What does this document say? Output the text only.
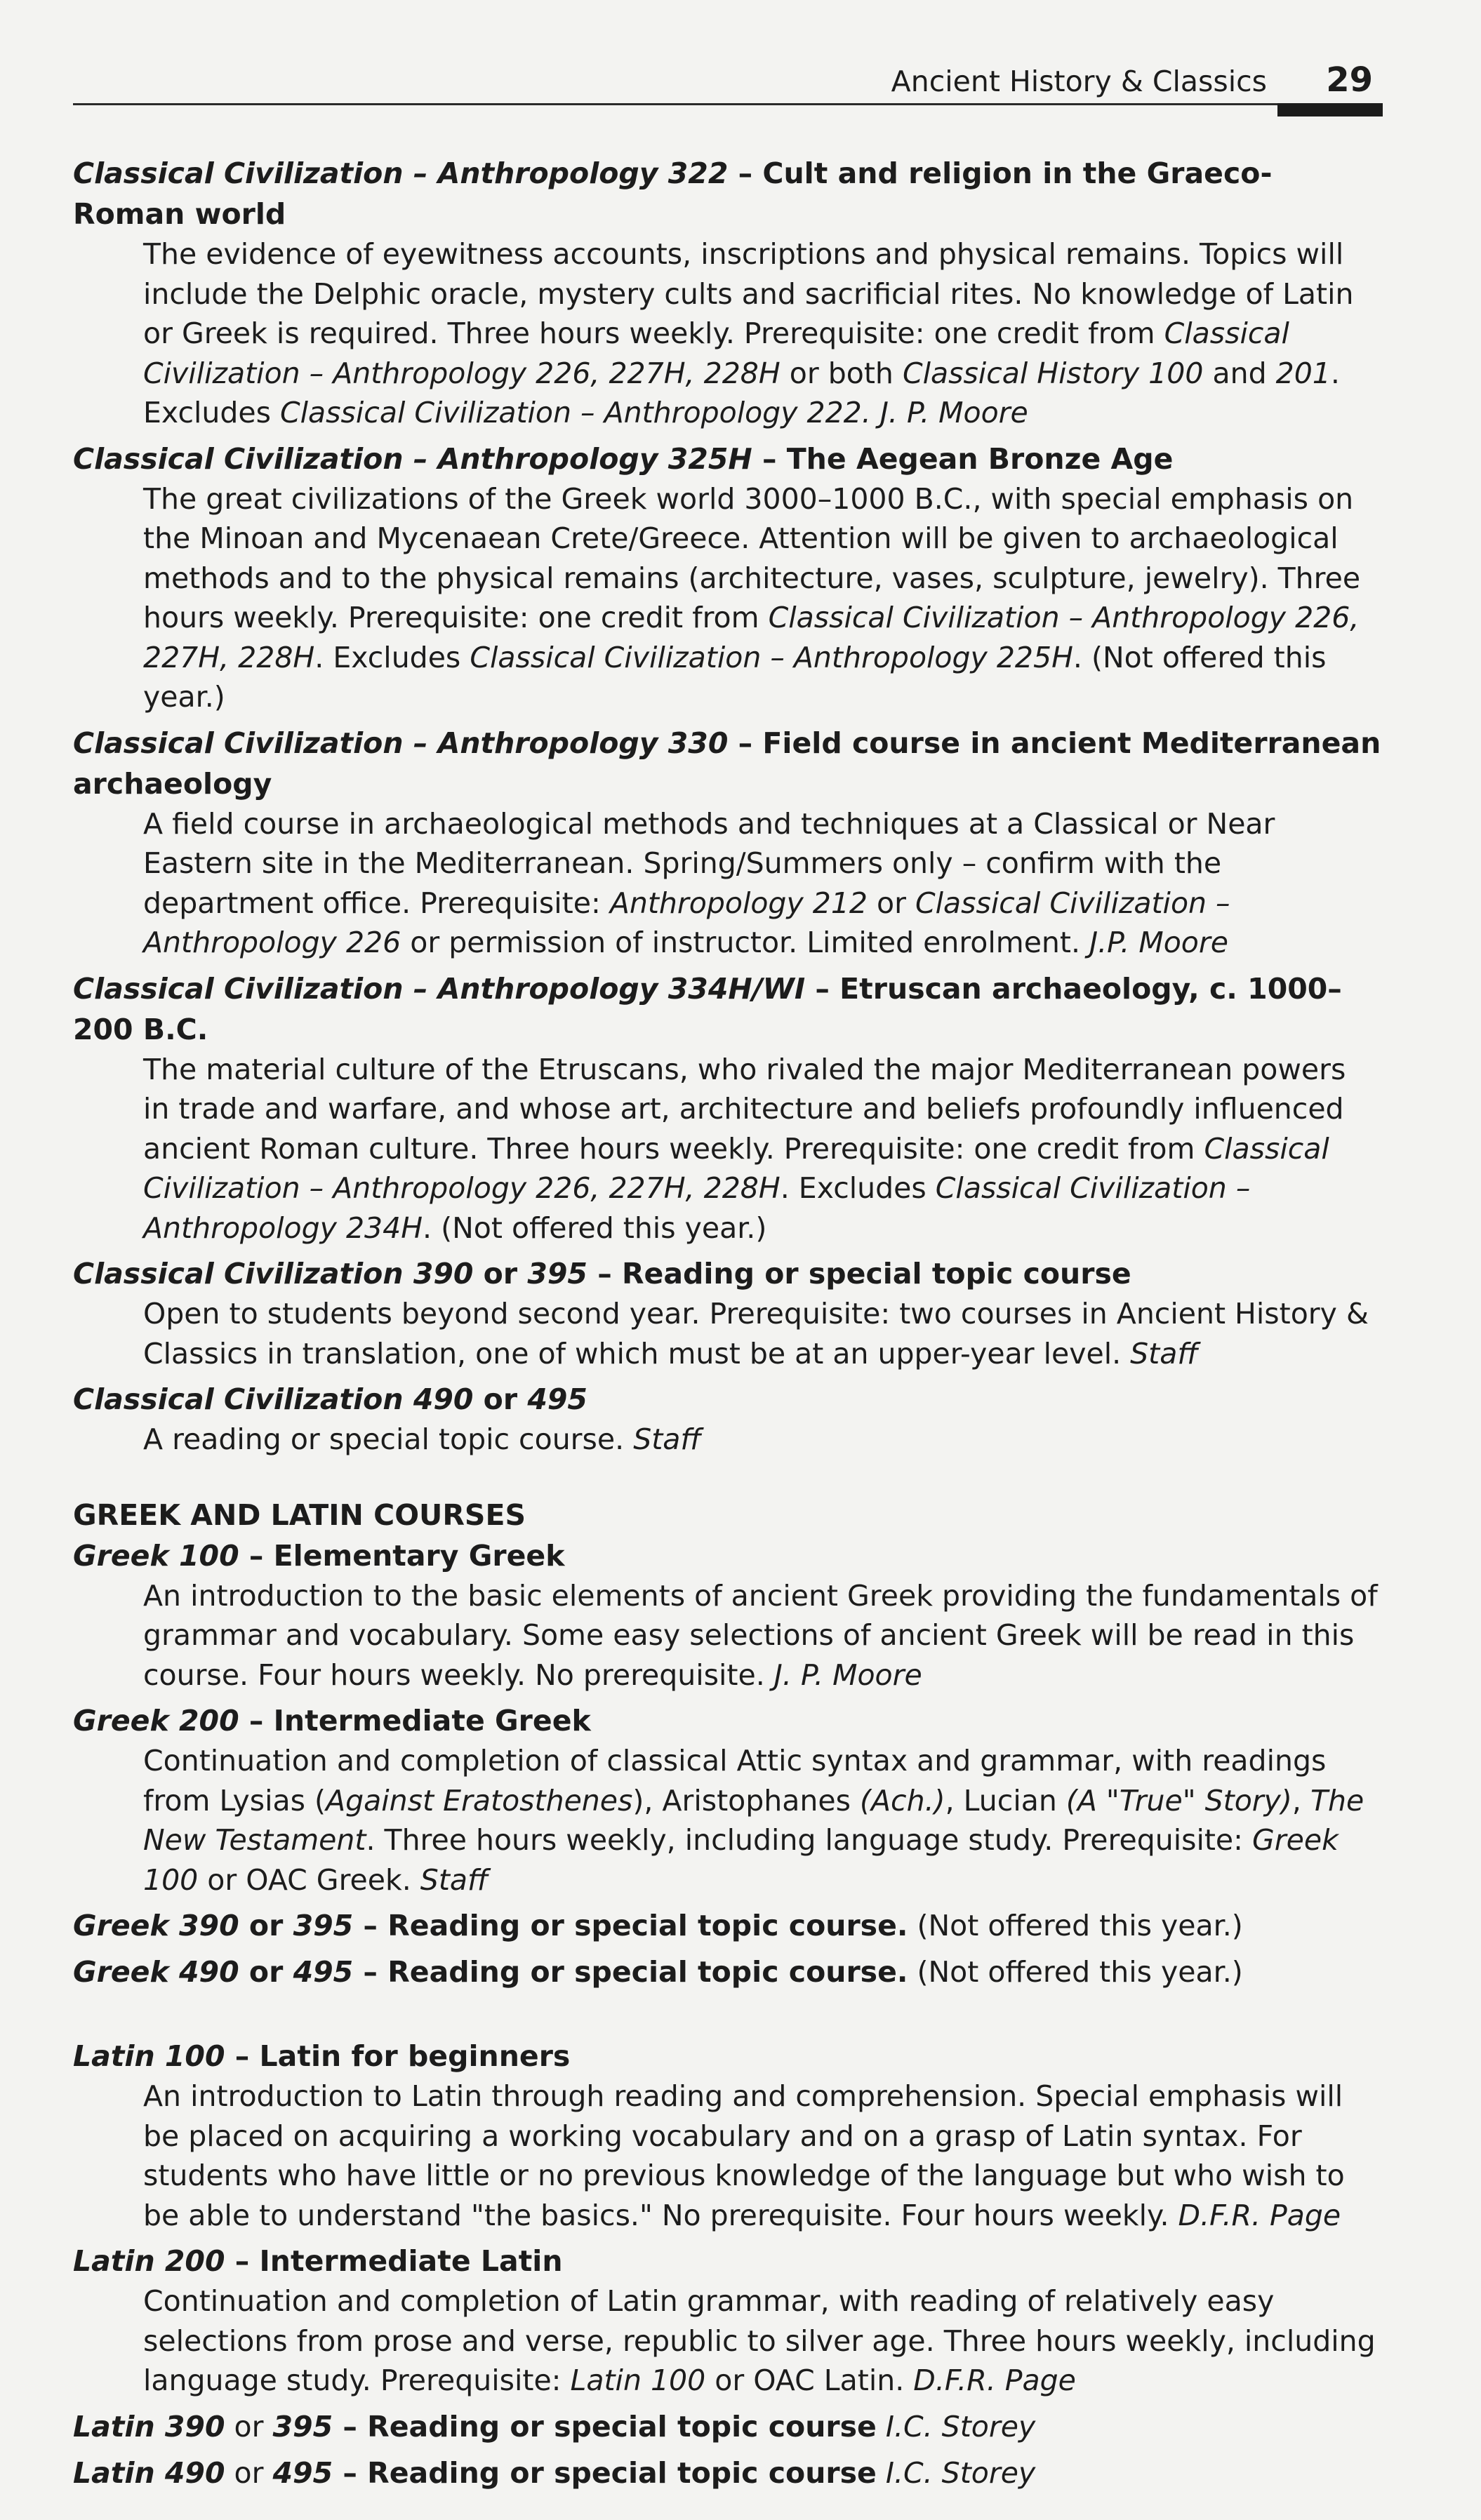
Ancient History & Classics 29
Classical Civilization – Anthropology 322 – Cult and religion in the Graeco-Roman world
The evidence of eyewitness accounts, inscriptions and physical remains. Topics will include the Delphic oracle, mystery cults and sacrificial rites. No knowledge of Latin or Greek is required. Three hours weekly. Prerequisite: one credit from Classical Civilization – Anthropology 226, 227H, 228H or both Classical History 100 and 201. Excludes Classical Civilization – Anthropology 222. J. P. Moore
Classical Civilization – Anthropology 325H – The Aegean Bronze Age
The great civilizations of the Greek world 3000–1000 B.C., with special emphasis on the Minoan and Mycenaean Crete/Greece. Attention will be given to archaeological methods and to the physical remains (architecture, vases, sculpture, jewelry). Three hours weekly. Prerequisite: one credit from Classical Civilization – Anthropology 226, 227H, 228H. Excludes Classical Civilization – Anthropology 225H. (Not offered this year.)
Classical Civilization – Anthropology 330 – Field course in ancient Mediterranean archaeology
A field course in archaeological methods and techniques at a Classical or Near Eastern site in the Mediterranean. Spring/Summers only – confirm with the department office. Prerequisite: Anthropology 212 or Classical Civilization – Anthropology 226 or permission of instructor. Limited enrolment. J.P. Moore
Classical Civilization – Anthropology 334H/WI – Etruscan archaeology, c. 1000–200 B.C.
The material culture of the Etruscans, who rivaled the major Mediterranean powers in trade and warfare, and whose art, architecture and beliefs profoundly influenced ancient Roman culture. Three hours weekly. Prerequisite: one credit from Classical Civilization – Anthropology 226, 227H, 228H. Excludes Classical Civilization – Anthropology 234H. (Not offered this year.)
Classical Civilization 390 or 395 – Reading or special topic course
Open to students beyond second year. Prerequisite: two courses in Ancient History & Classics in translation, one of which must be at an upper-year level. Staff
Classical Civilization 490 or 495
A reading or special topic course. Staff
GREEK AND LATIN COURSES
Greek 100 – Elementary Greek
An introduction to the basic elements of ancient Greek providing the fundamentals of grammar and vocabulary. Some easy selections of ancient Greek will be read in this course. Four hours weekly. No prerequisite. J. P. Moore
Greek 200 – Intermediate Greek
Continuation and completion of classical Attic syntax and grammar, with readings from Lysias (Against Eratosthenes), Aristophanes (Ach.), Lucian (A "True" Story), The New Testament. Three hours weekly, including language study. Prerequisite: Greek 100 or OAC Greek. Staff
Greek 390 or 395 – Reading or special topic course. (Not offered this year.)
Greek 490 or 495 – Reading or special topic course. (Not offered this year.)
Latin 100 – Latin for beginners
An introduction to Latin through reading and comprehension. Special emphasis will be placed on acquiring a working vocabulary and on a grasp of Latin syntax. For students who have little or no previous knowledge of the language but who wish to be able to understand "the basics." No prerequisite. Four hours weekly. D.F.R. Page
Latin 200 – Intermediate Latin
Continuation and completion of Latin grammar, with reading of relatively easy selections from prose and verse, republic to silver age. Three hours weekly, including language study. Prerequisite: Latin 100 or OAC Latin. D.F.R. Page
Latin 390 or 395 – Reading or special topic course I.C. Storey
Latin 490 or 495 – Reading or special topic course I.C. Storey
